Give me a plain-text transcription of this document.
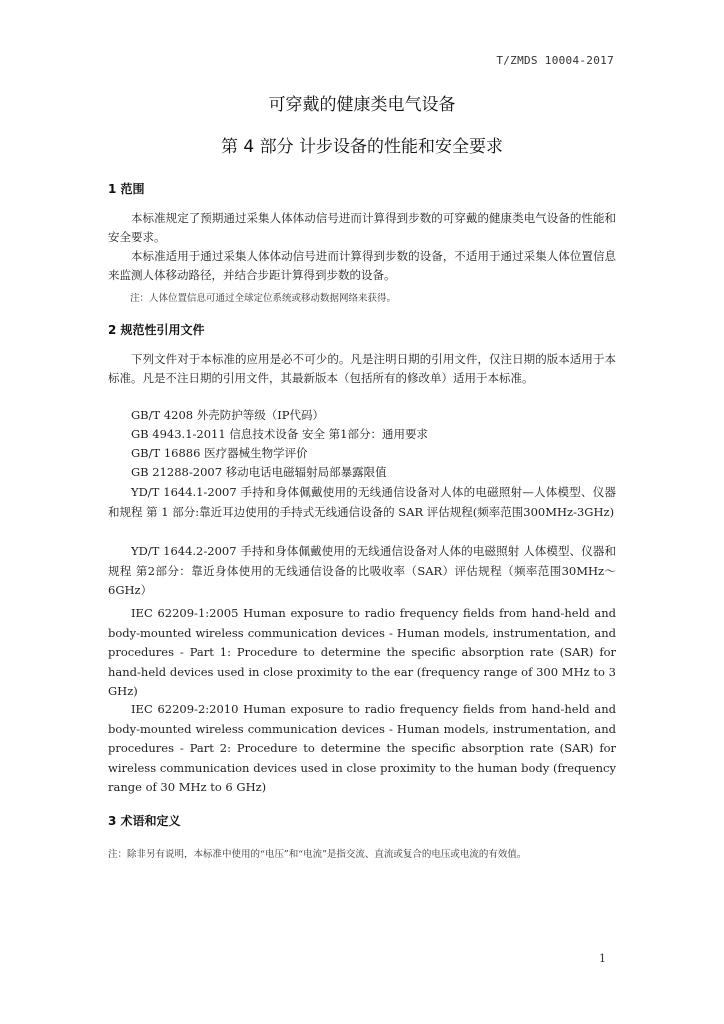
T/ZMDS 10004-2017
可穿戴的健康类电气设备
第 4 部分 计步设备的性能和安全要求
1 范围
本标准规定了预期通过采集人体体动信号进而计算得到步数的可穿戴的健康类电气设备的性能和安全要求。
本标准适用于通过采集人体体动信号进而计算得到步数的设备，不适用于通过采集人体位置信息来监测人体移动路径，并结合步距计算得到步数的设备。
注：人体位置信息可通过全球定位系统或移动数据网络来获得。
2 规范性引用文件
下列文件对于本标准的应用是必不可少的。凡是注明日期的引用文件，仅注日期的版本适用于本标准。凡是不注日期的引用文件，其最新版本（包括所有的修改单）适用于本标准。
GB/T 4208 外壳防护等级（IP代码）
GB 4943.1-2011 信息技术设备 安全 第1部分：通用要求
GB/T 16886 医疗器械生物学评价
GB 21288-2007 移动电话电磁辐射局部暴露限值
YD/T 1644.1-2007 手持和身体佩戴使用的无线通信设备对人体的电磁照射—人体模型、仪器和规程 第 1 部分:靠近耳边使用的手持式无线通信设备的 SAR 评估规程(频率范围300MHz-3GHz)
YD/T 1644.2-2007 手持和身体佩戴使用的无线通信设备对人体的电磁照射 人体模型、仪器和规程 第2部分：靠近身体使用的无线通信设备的比吸收率（SAR）评估规程（频率范围30MHz～6GHz）
IEC 62209-1:2005 Human exposure to radio frequency fields from hand-held and body-mounted wireless communication devices - Human models, instrumentation, and procedures - Part 1: Procedure to determine the specific absorption rate (SAR) for hand-held devices used in close proximity to the ear (frequency range of 300 MHz to 3 GHz)
IEC 62209-2:2010 Human exposure to radio frequency fields from hand-held and body-mounted wireless communication devices - Human models, instrumentation, and procedures - Part 2: Procedure to determine the specific absorption rate (SAR) for wireless communication devices used in close proximity to the human body (frequency range of 30 MHz to 6 GHz)
3 术语和定义
注：除非另有说明，本标准中使用的“电压”和“电流”是指交流、直流或复合的电压或电流的有效值。
1
